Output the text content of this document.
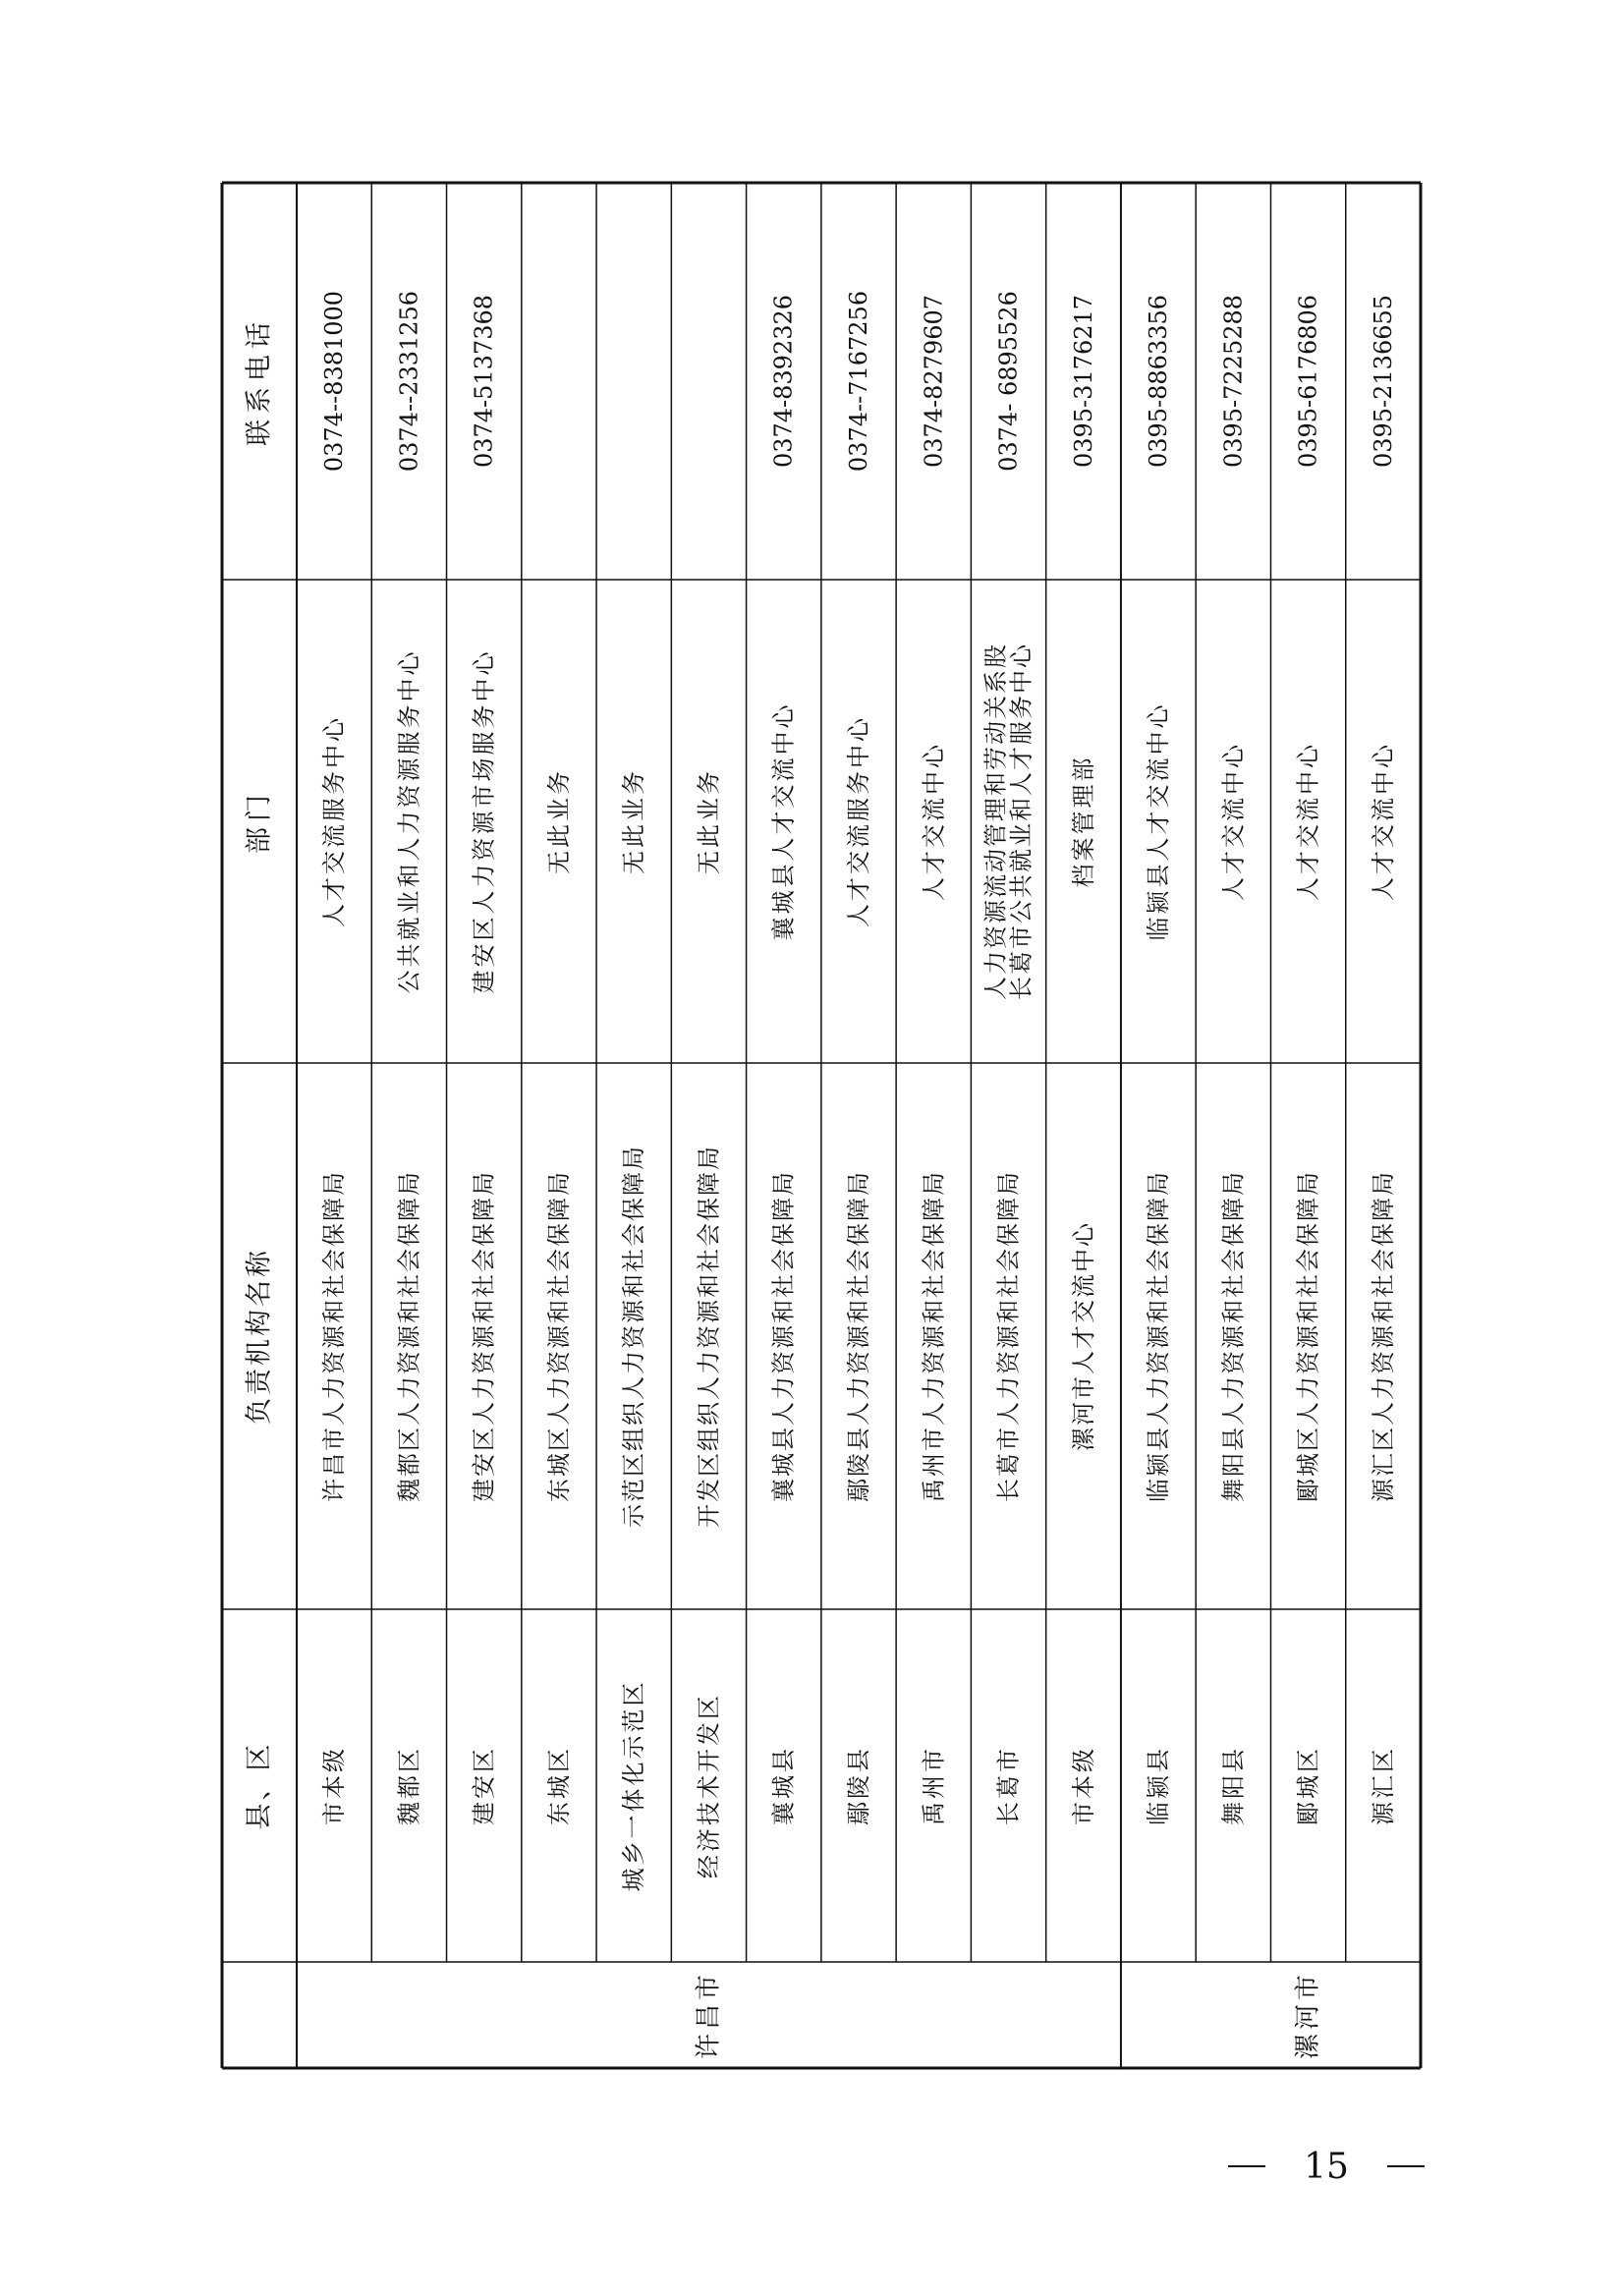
联系电话
部门
负责机构名称
县、区
0374--8381000
人才交流服务中心
许昌市人力资源和社会保障局
市本级
0374--2331256
公共就业和人力资源服务中心
魏都区人力资源和社会保障局
魏都区
0374-5137368
建安区人力资源市场服务中心
建安区人力资源和社会保障局
建安区
无此业务
东城区人力资源和社会保障局
东城区
无此业务
示范区组织人力资源和社会保障局
城乡一体化示范区
无此业务
开发区组织人力资源和社会保障局
经济技术开发区
0374-8392326
襄城县人才交流中心
襄城县人力资源和社会保障局
襄城县
0374--7167256
人才交流服务中心
鄢陵县人力资源和社会保障局
鄢陵县
0374-8279607
人才交流中心
禹州市人力资源和社会保障局
禹州市
0374- 6895526
人力资源流动管理和劳动关系股
长葛市公共就业和人才服务中心
长葛市人力资源和社会保障局
长葛市
0395-3176217
档案管理部
漯河市人才交流中心
市本级
0395-8863356
临颍县人才交流中心
临颍县人力资源和社会保障局
临颍县
0395-7225288
人才交流中心
舞阳县人力资源和社会保障局
舞阳县
0395-6176806
人才交流中心
郾城区人力资源和社会保障局
郾城区
0395-2136655
人才交流中心
源汇区人力资源和社会保障局
源汇区
许昌市	漯河市
15
